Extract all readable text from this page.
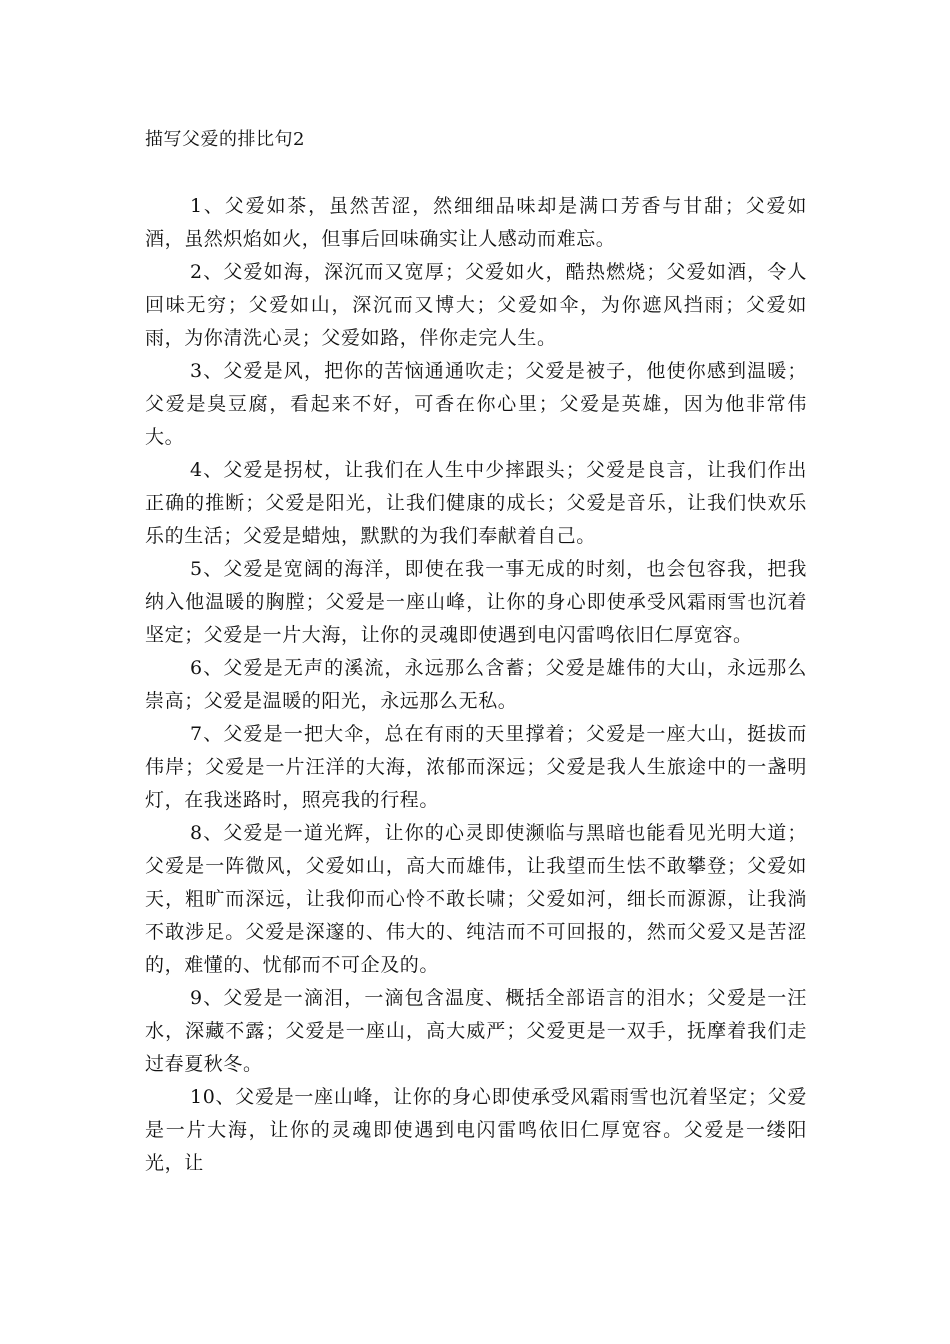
描写父爱的排比句2

1、父爱如茶，虽然苦涩，然细细品味却是满口芳香与甘甜；父爱如酒，虽然炽焰如火，但事后回味确实让人感动而难忘。

2、父爱如海，深沉而又宽厚；父爱如火，酷热燃烧；父爱如酒，令人回味无穷；父爱如山，深沉而又博大；父爱如伞，为你遮风挡雨；父爱如雨，为你清洗心灵；父爱如路，伴你走完人生。

3、父爱是风，把你的苦恼通通吹走；父爱是被子，他使你感到温暖；父爱是臭豆腐，看起来不好，可香在你心里；父爱是英雄，因为他非常伟大。

4、父爱是拐杖，让我们在人生中少摔跟头；父爱是良言，让我们作出正确的推断；父爱是阳光，让我们健康的成长；父爱是音乐，让我们快欢乐乐的生活；父爱是蜡烛，默默的为我们奉献着自己。

5、父爱是宽阔的海洋，即使在我一事无成的时刻，也会包容我，把我纳入他温暖的胸膛；父爱是一座山峰，让你的身心即使承受风霜雨雪也沉着坚定；父爱是一片大海，让你的灵魂即使遇到电闪雷鸣依旧仁厚宽容。

6、父爱是无声的溪流，永远那么含蓄；父爱是雄伟的大山，永远那么崇高；父爱是温暖的阳光，永远那么无私。

7、父爱是一把大伞，总在有雨的天里撑着；父爱是一座大山，挺拔而伟岸；父爱是一片汪洋的大海，浓郁而深远；父爱是我人生旅途中的一盏明灯，在我迷路时，照亮我的行程。

8、父爱是一道光辉，让你的心灵即使濒临与黑暗也能看见光明大道；父爱是一阵微风，父爱如山，高大而雄伟，让我望而生怯不敢攀登；父爱如天，粗旷而深远，让我仰而心怜不敢长啸；父爱如河，细长而源源，让我淌不敢涉足。父爱是深邃的、伟大的、纯洁而不可回报的，然而父爱又是苦涩的，难懂的、忧郁而不可企及的。

9、父爱是一滴泪，一滴包含温度、概括全部语言的泪水；父爱是一汪水，深藏不露；父爱是一座山，高大威严；父爱更是一双手，抚摩着我们走过春夏秋冬。

10、父爱是一座山峰，让你的身心即使承受风霜雨雪也沉着坚定；父爱是一片大海，让你的灵魂即使遇到电闪雷鸣依旧仁厚宽容。父爱是一缕阳光，让
